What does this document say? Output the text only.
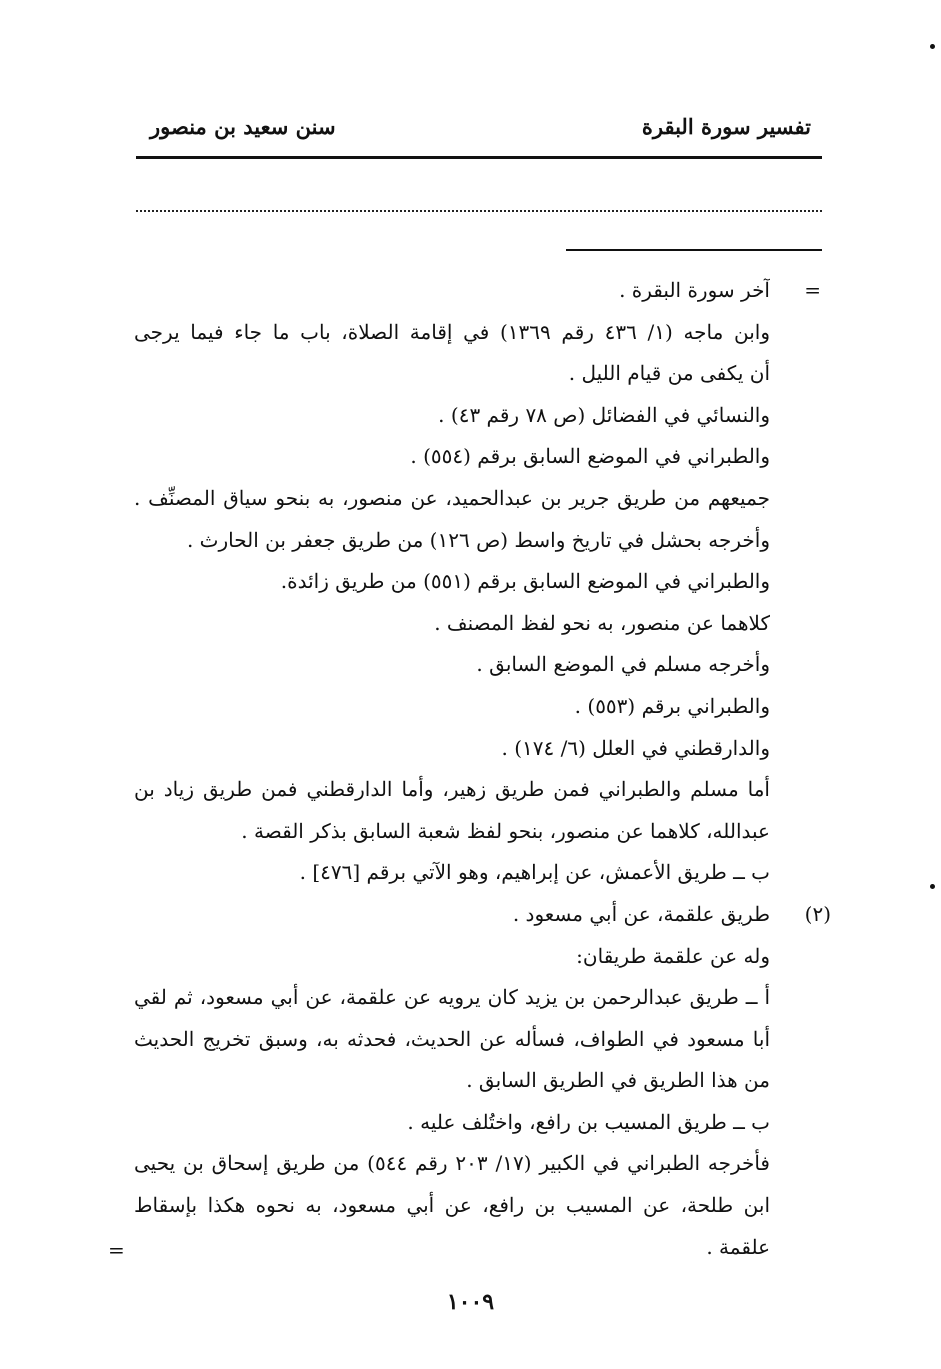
تفسير سورة البقرة
سنن سعيد بن منصور
=
(٢)
=
آخر سورة البقرة .
وابن ماجه (١/ ٤٣٦ رقم ١٣٦٩) في إقامة الصلاة، باب ما جاء فيما يرجى
أن يكفى من قيام الليل .
والنسائي في الفضائل (ص ٧٨ رقم ٤٣) .
والطبراني في الموضع السابق برقم (٥٥٤) .
جميعهم من طريق جرير بن عبدالحميد، عن منصور، به بنحو سياق المصنِّف .
وأخرجه بحشل في تاريخ واسط (ص ١٢٦) من طريق جعفر بن الحارث .
والطبراني في الموضع السابق برقم (٥٥١) من طريق زائدة.
كلاهما عن منصور، به نحو لفظ المصنف .
وأخرجه مسلم في الموضع السابق .
والطبراني برقم (٥٥٣) .
والدارقطني في العلل (٦/ ١٧٤) .
أما مسلم والطبراني فمن طريق زهير، وأما الدارقطني فمن طريق زياد بن
عبدالله، كلاهما عن منصور، بنحو لفظ شعبة السابق بذكر القصة .
ب ــ طريق الأعمش، عن إبراهيم، وهو الآتي برقم [٤٧٦] .
طريق علقمة، عن أبي مسعود .
وله عن علقمة طريقان:
أ ــ طريق عبدالرحمن بن يزيد كان يرويه عن علقمة، عن أبي مسعود، ثم لقي
أبا مسعود في الطواف، فسأله عن الحديث، فحدثه به، وسبق تخريج الحديث
من هذا الطريق في الطريق السابق .
ب ــ طريق المسيب بن رافع، واختُلف عليه .
فأخرجه الطبراني في الكبير (١٧/ ٢٠٣ رقم ٥٤٤) من طريق إسحاق بن يحيى
ابن طلحة، عن المسيب بن رافع، عن أبي مسعود، به نحوه هكذا بإسقاط
علقمة .
١٠٠٩
